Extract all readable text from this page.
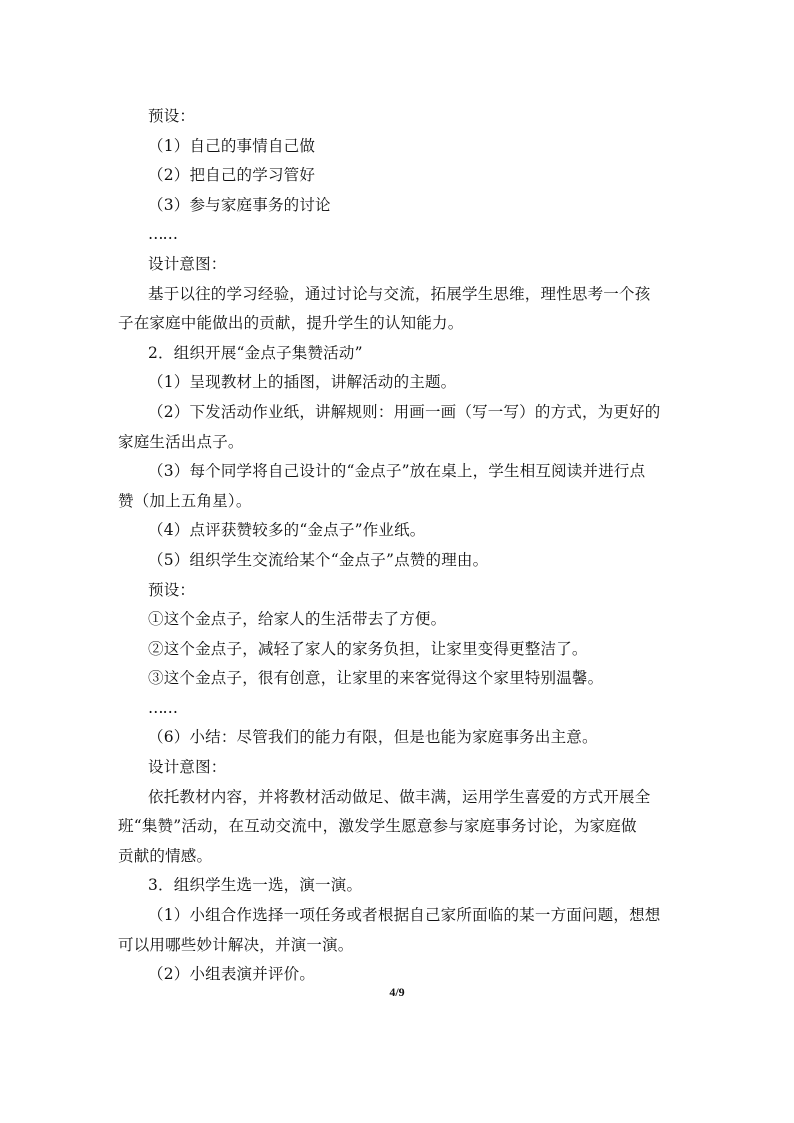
预设：
（1）自己的事情自己做
（2）把自己的学习管好
（3）参与家庭事务的讨论
……
设计意图：
基于以往的学习经验，通过讨论与交流，拓展学生思维，理性思考一个孩
子在家庭中能做出的贡献，提升学生的认知能力。
2．组织开展“金点子集赞活动”
（1）呈现教材上的插图，讲解活动的主题。
（2）下发活动作业纸，讲解规则：用画一画（写一写）的方式，为更好的
家庭生活出点子。
（3）每个同学将自己设计的“金点子”放在桌上，学生相互阅读并进行点
赞（加上五角星）。
（4）点评获赞较多的“金点子”作业纸。
（5）组织学生交流给某个“金点子”点赞的理由。
预设：
①这个金点子，给家人的生活带去了方便。
②这个金点子，减轻了家人的家务负担，让家里变得更整洁了。
③这个金点子，很有创意，让家里的来客觉得这个家里特别温馨。
……
（6）小结：尽管我们的能力有限，但是也能为家庭事务出主意。
设计意图：
依托教材内容，并将教材活动做足、做丰满，运用学生喜爱的方式开展全
班“集赞”活动，在互动交流中，激发学生愿意参与家庭事务讨论，为家庭做
贡献的情感。
3．组织学生选一选，演一演。
（1）小组合作选择一项任务或者根据自己家所面临的某一方面问题，想想
可以用哪些妙计解决，并演一演。
（2）小组表演并评价。
4/9
